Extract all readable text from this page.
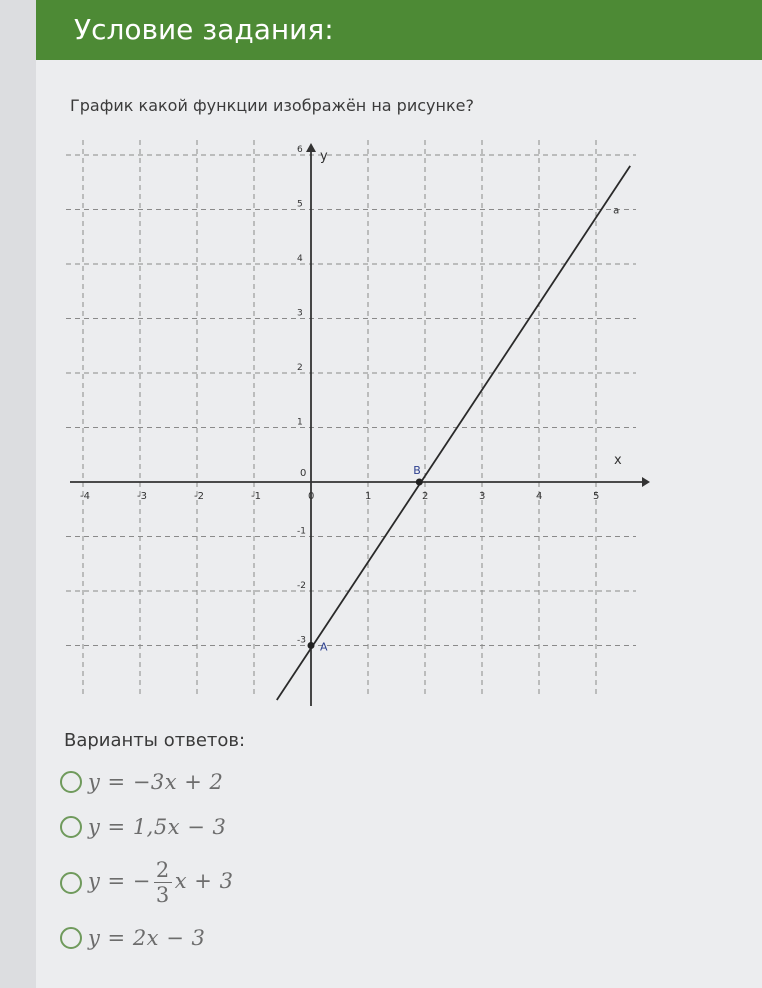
Условие задания:
График какой функции изображён на рисунке?
x
y
-4	-3	-2	-1	0	1	2	3	4	5
6
5
4
3
2
1
0
-1
-2
-3
a
A
B
Варианты ответов:
y = −3x + 2
y = 1,5x − 3
y = − $\frac{2}{3}$ x + 3
y = 2x − 3
